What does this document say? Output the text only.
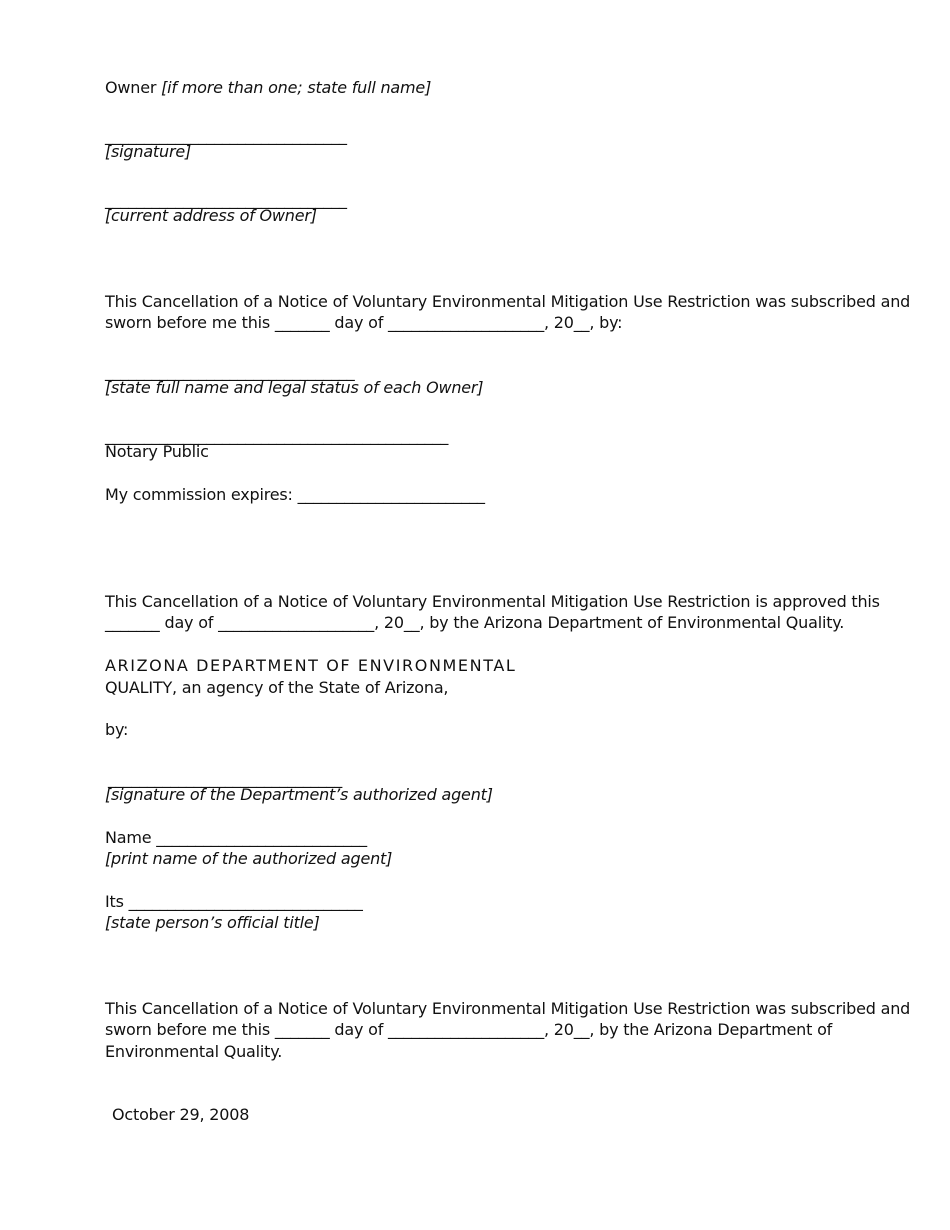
Owner [if more than one; state full name]
_______________________________
[signature]
_______________________________
[current address of Owner]
This Cancellation of a Notice of Voluntary Environmental Mitigation Use Restriction was subscribed and
sworn before me this _______ day of ____________________, 20__, by:
________________________________
[state full name and legal status of each Owner]
____________________________________________
Notary Public
My commission expires: ________________________
This Cancellation of a Notice of Voluntary Environmental Mitigation Use Restriction is approved this
_______ day of ____________________, 20__, by the Arizona Department of Environmental Quality.
ARIZONA DEPARTMENT OF ENVIRONMENTAL
QUALITY, an agency of the State of Arizona,
by:
______________________________
[signature of the Department’s authorized agent]
Name ___________________________
[print name of the authorized agent]
Its ______________________________
[state person’s official title]
This Cancellation of a Notice of Voluntary Environmental Mitigation Use Restriction was subscribed and
sworn before me this _______ day of ____________________, 20__, by the Arizona Department of
Environmental Quality.
October 29, 2008
